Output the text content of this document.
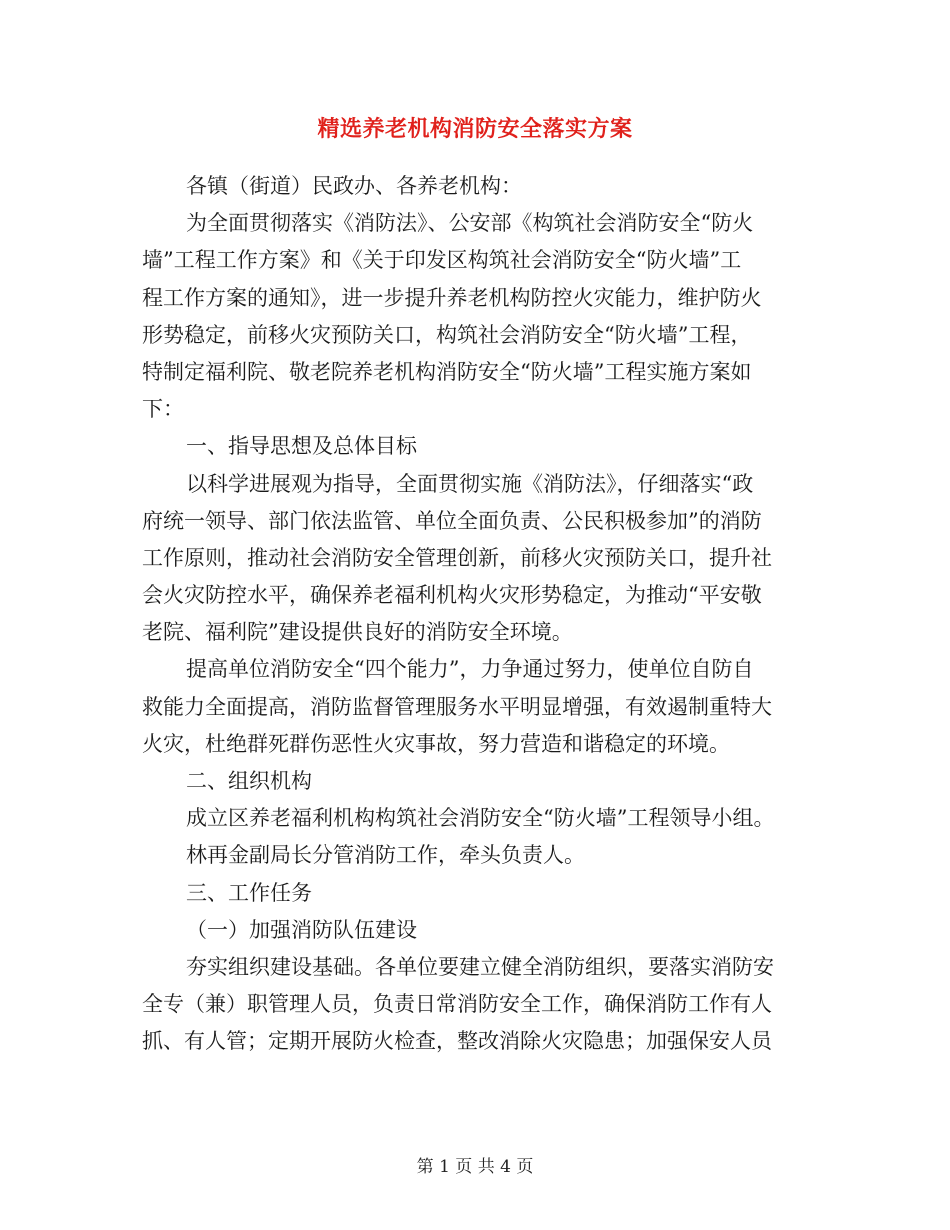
精选养老机构消防安全落实方案
各镇（街道）民政办、各养老机构：
为全面贯彻落实《消防法》、公安部《构筑社会消防安全“防火
墙”工程工作方案》和《关于印发区构筑社会消防安全“防火墙”工
程工作方案的通知》，进一步提升养老机构防控火灾能力，维护防火
形势稳定，前移火灾预防关口，构筑社会消防安全“防火墙”工程，
特制定福利院、敬老院养老机构消防安全“防火墙”工程实施方案如
下：
一、指导思想及总体目标
以科学进展观为指导，全面贯彻实施《消防法》，仔细落实“政
府统一领导、部门依法监管、单位全面负责、公民积极参加”的消防
工作原则，推动社会消防安全管理创新，前移火灾预防关口，提升社
会火灾防控水平，确保养老福利机构火灾形势稳定，为推动“平安敬
老院、福利院”建设提供良好的消防安全环境。
提高单位消防安全“四个能力”，力争通过努力，使单位自防自
救能力全面提高，消防监督管理服务水平明显增强，有效遏制重特大
火灾，杜绝群死群伤恶性火灾事故，努力营造和谐稳定的环境。
二、组织机构
成立区养老福利机构构筑社会消防安全“防火墙”工程领导小组。
林再金副局长分管消防工作，牵头负责人。
三、工作任务
（一）加强消防队伍建设
夯实组织建设基础。各单位要建立健全消防组织，要落实消防安
全专（兼）职管理人员，负责日常消防安全工作，确保消防工作有人
抓、有人管；定期开展防火检查，整改消除火灾隐患；加强保安人员
第 1 页 共 4 页
